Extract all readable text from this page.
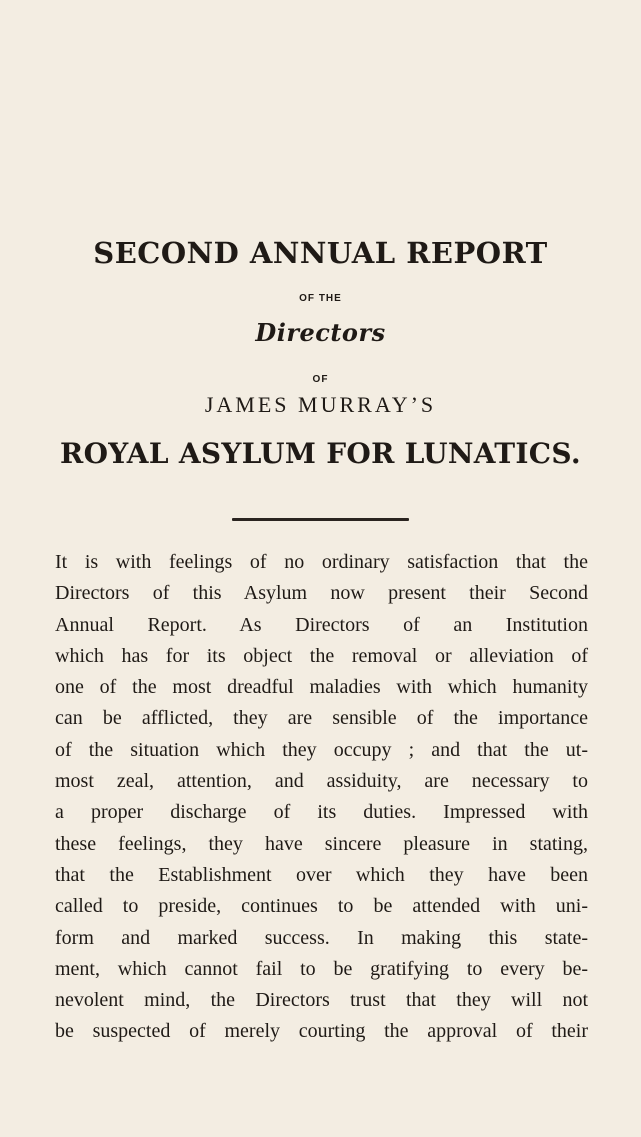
SECOND ANNUAL REPORT
OF THE
Directors
OF
JAMES MURRAY’S
ROYAL ASYLUM FOR LUNATICS.
It is with feelings of no ordinary satisfaction that the
Directors of this Asylum now present their Second
Annual Report. As Directors of an Institution
which has for its object the removal or alleviation of
one of the most dreadful maladies with which humanity
can be afflicted, they are sensible of the importance
of the situation which they occupy ; and that the ut-
most zeal, attention, and assiduity, are necessary to
a proper discharge of its duties. Impressed with
these feelings, they have sincere pleasure in stating,
that the Establishment over which they have been
called to preside, continues to be attended with uni-
form and marked success. In making this state-
ment, which cannot fail to be gratifying to every be-
nevolent mind, the Directors trust that they will not
be suspected of merely courting the approval of their
